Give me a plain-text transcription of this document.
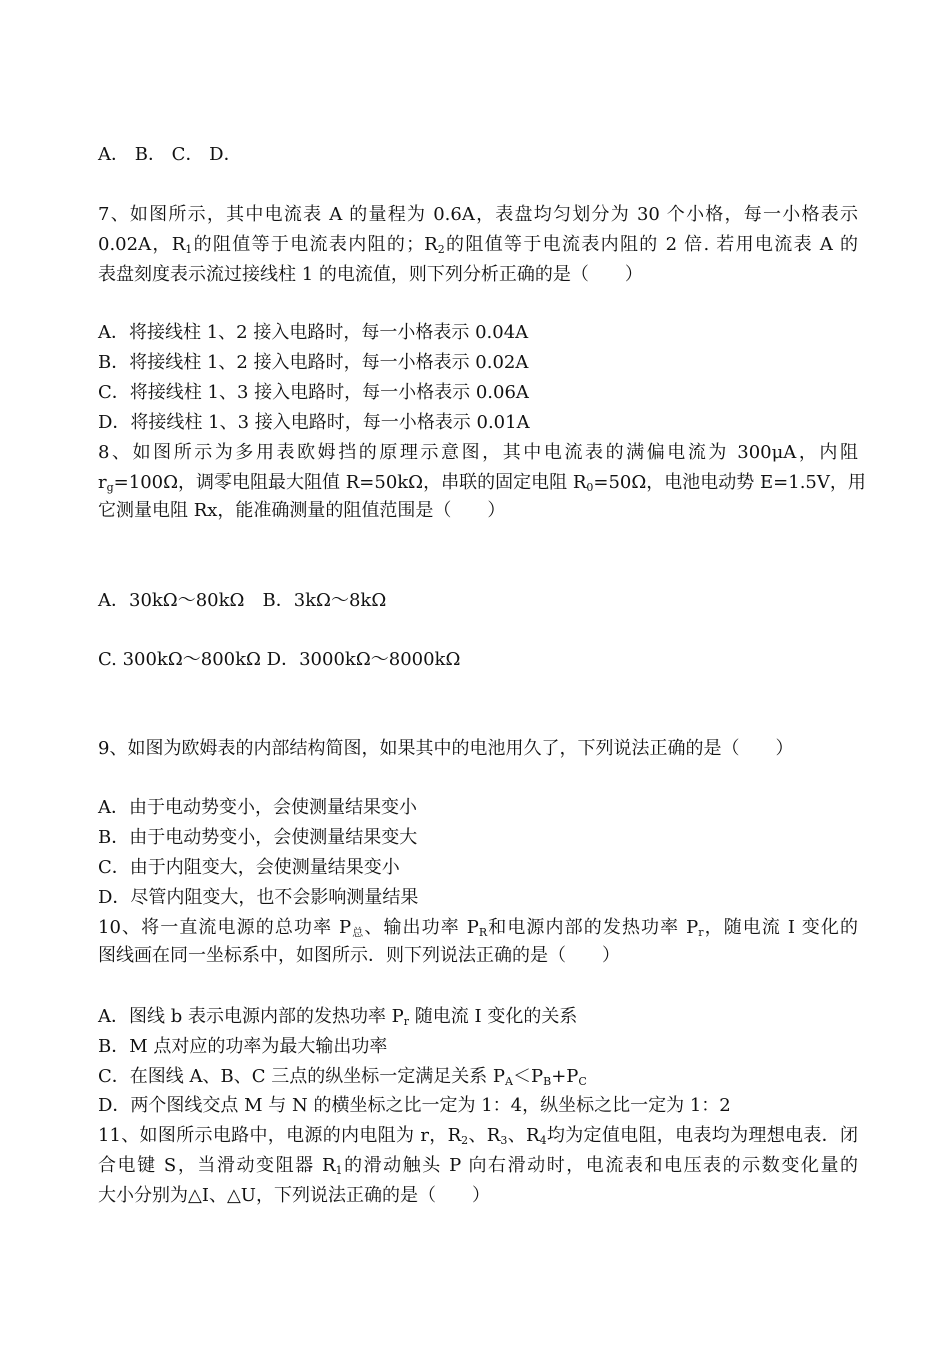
A． B． C． D．
7、如图所示，其中电流表 A 的量程为 0.6A，表盘均匀划分为 30 个小格，每一小格表示
0.02A，$R_1$的阻值等于电流表内阻的；$R_2$的阻值等于电流表内阻的 2 倍. 若用电流表 A 的
表盘刻度表示流过接线柱 1 的电流值，则下列分析正确的是（　　）
A．将接线柱 1、2 接入电路时，每一小格表示 0.04A
B．将接线柱 1、2 接入电路时，每一小格表示 0.02A
C．将接线柱 1、3 接入电路时，每一小格表示 0.06A
D．将接线柱 1、3 接入电路时，每一小格表示 0.01A
8、如图所示为多用表欧姆挡的原理示意图，其中电流表的满偏电流为 300μA，内阻
$r_g=100\Omega$，调零电阻最大阻值 R=50kΩ，串联的固定电阻 $R_0=50\Omega$，电池电动势 E=1.5V，用
它测量电阻 Rx，能准确测量的阻值范围是（　　）
A．30kΩ～80kΩ　B．3kΩ～8kΩ
C. 300kΩ～800kΩ D．3000kΩ～8000kΩ
9、如图为欧姆表的内部结构简图，如果其中的电池用久了，下列说法正确的是（　　）
A．由于电动势变小，会使测量结果变小
B．由于电动势变小，会使测量结果变大
C．由于内阻变大，会使测量结果变小
D．尽管内阻变大，也不会影响测量结果
10、将一直流电源的总功率 $P_总$、输出功率 $P_R$和电源内部的发热功率 $P_r$，随电流 I 变化的
图线画在同一坐标系中，如图所示．则下列说法正确的是（　　）
A．图线 b 表示电源内部的发热功率 $P_r$ 随电流 I 变化的关系
B．M 点对应的功率为最大输出功率
C．在图线 A、B、C 三点的纵坐标一定满足关系 $P_A<P_B+P_C$
D．两个图线交点 M 与 N 的横坐标之比一定为 1：4，纵坐标之比一定为 1：2
11、如图所示电路中，电源的内电阻为 r，$R_2$、$R_3$、$R_4$均为定值电阻，电表均为理想电表．闭
合电键 S，当滑动变阻器 $R_1$的滑动触头 P 向右滑动时，电流表和电压表的示数变化量的
大小分别为△I、△U，下列说法正确的是（　　）
